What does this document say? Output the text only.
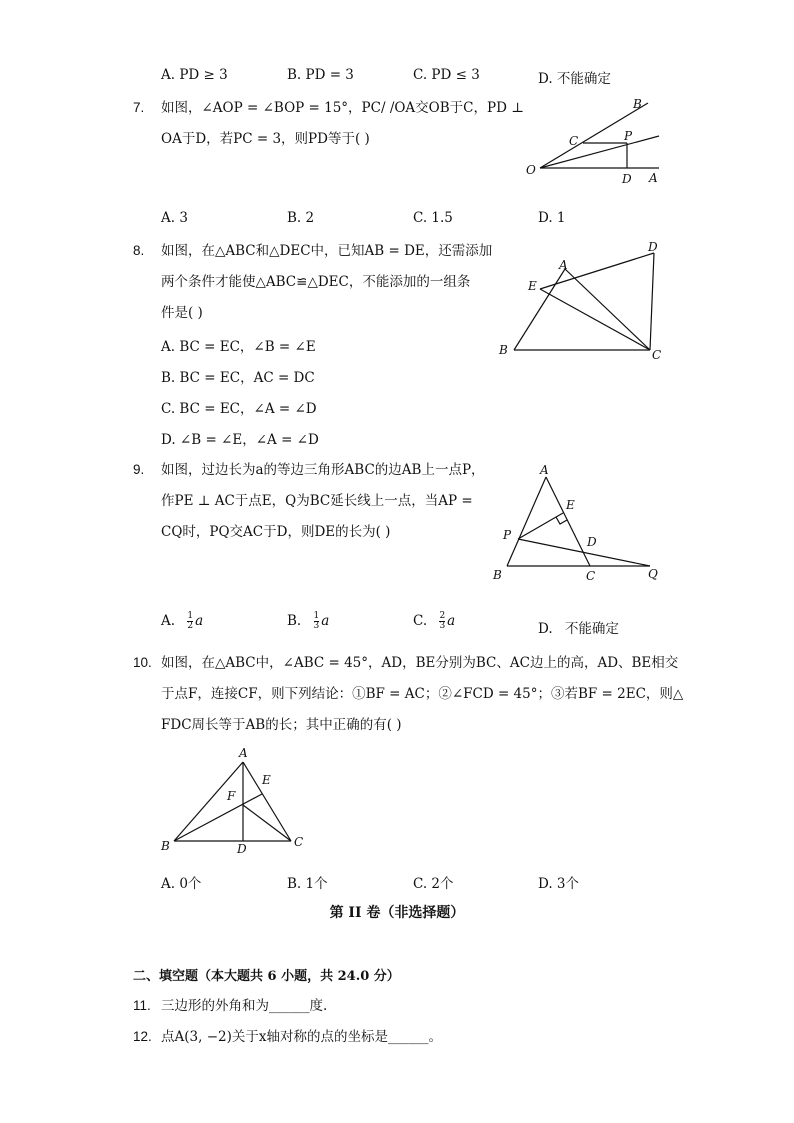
A. PD ≥ 3	B. PD = 3	C. PD ≤ 3	D. 不能确定
7. 如图，∠AOP = ∠BOP = 15°，PC/ /OA交OB于C，PD ⊥
OA于D，若PC = 3，则PD等于( )
B
C	P
O
D A
A. 3	B. 2	C. 1.5	D. 1
8. 如图，在△ABC和△DEC中，已知AB = DE，还需添加
两个条件才能使△ABC≌△DEC，不能添加的一组条
件是( )
A. BC = EC，∠B = ∠E
B. BC = EC，AC = DC
C. BC = EC，∠A = ∠D
D. ∠B = ∠E，∠A = ∠D
A
D
E
B	C
9. 如图，过边长为a的等边三角形ABC的边AB上一点P，
作PE ⊥ AC于点E，Q为BC延长线上一点，当AP =
CQ时，PQ交AC于D，则DE的长为( )
A
E
P	D
B	C	Q
A. $\frac{1}{2}$ a	B. $\frac{1}{3}$ a	C. $\frac{2}{3}$ a	D. 不能确定
10. 如图，在△ABC中，∠ABC = 45°，AD，BE分别为BC、AC边上的高，AD、BE相交
于点F，连接CF，则下列结论：①BF = AC；②∠FCD = 45°；③若BF = 2EC，则△
FDC周长等于AB的长；其中正确的有( )
A
E
F
B	D	C
A. 0个	B. 1个	C. 2个	D. 3个
第 II 卷（非选择题）
二、填空题（本大题共 6 小题，共 24.0 分）
11. 三边形的外角和为______度.
12. 点A(3, −2)关于x轴对称的点的坐标是______。
